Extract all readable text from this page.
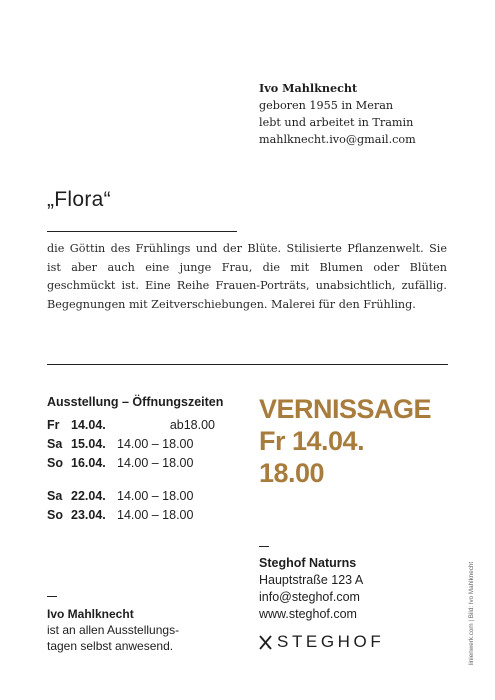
Ivo Mahlknecht
geboren 1955 in Meran
lebt und arbeitet in Tramin
mahlknecht.ivo@gmail.com
„Flora“
die Göttin des Frühlings und der Blüte. Stilisierte Pflanzenwelt. Sie ist aber auch eine junge Frau, die mit Blumen oder Blüten geschmückt ist. Eine Reihe Frauen-Porträts, unabsichtlich, zufällig. Begegnungen mit Zeitverschiebungen. Malerei für den Frühling.
Ausstellung – Öffnungszeiten
Fr 14.04.	ab18.00
Sa 15.04. 14.00 – 18.00
So 16.04. 14.00 – 18.00
Sa 22.04. 14.00 – 18.00
So 23.04. 14.00 – 18.00
VERNISSAGE
Fr 14.04.
18.00
Steghof Naturns
Hauptstraße 123 A
info@steghof.com
www.steghof.com
STEGHOF
Ivo Mahlknecht
ist an allen Ausstellungs-
tagen selbst anwesend.	linienwerk.com | Bild: Ivo Mahlknecht
